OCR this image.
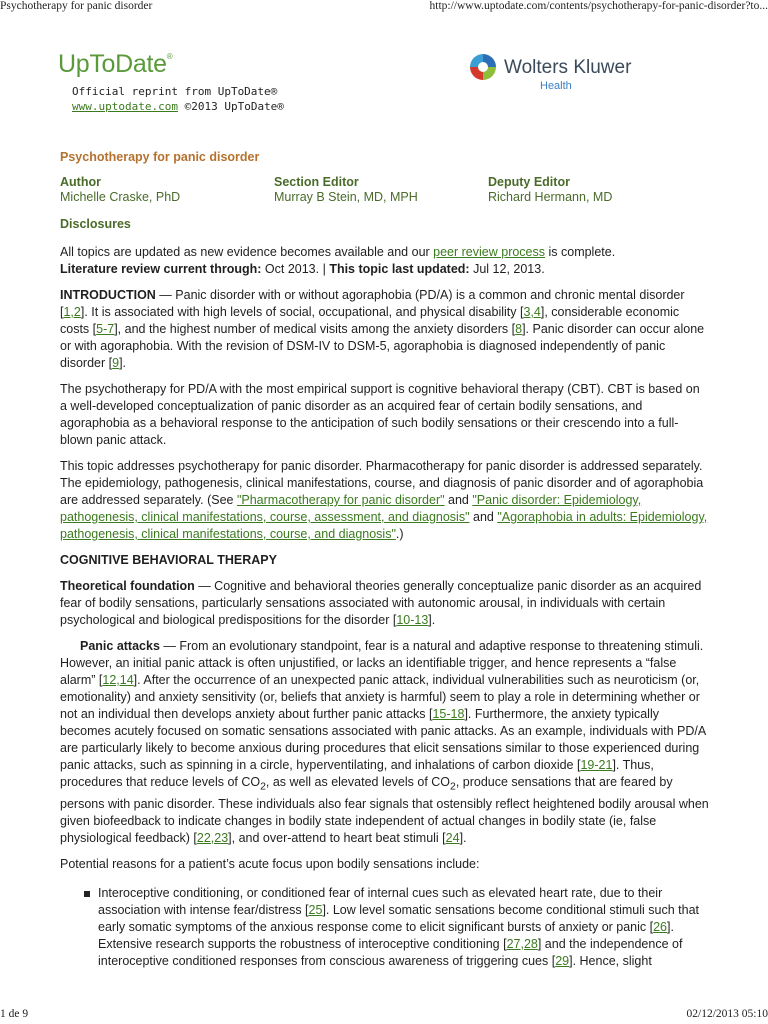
Psychotherapy for panic disorder	http://www.uptodate.com/contents/psychotherapy-for-panic-disorder?to...
UpToDate®
Official reprint from UpToDate®
www.uptodate.com ©2013 UpToDate®
Wolters Kluwer
Health
Psychotherapy for panic disorder
Author
Michelle Craske, PhD
Section Editor
Murray B Stein, MD, MPH
Deputy Editor
Richard Hermann, MD
Disclosures

All topics are updated as new evidence becomes available and our peer review process is complete.
Literature review current through: Oct 2013. | This topic last updated: Jul 12, 2013.

INTRODUCTION — Panic disorder with or without agoraphobia (PD/A) is a common and chronic mental disorder [1,2]. It is associated with high levels of social, occupational, and physical disability [3,4], considerable economic costs [5-7], and the highest number of medical visits among the anxiety disorders [8]. Panic disorder can occur alone or with agoraphobia. With the revision of DSM-IV to DSM-5, agoraphobia is diagnosed independently of panic disorder [9].

The psychotherapy for PD/A with the most empirical support is cognitive behavioral therapy (CBT). CBT is based on a well-developed conceptualization of panic disorder as an acquired fear of certain bodily sensations, and agoraphobia as a behavioral response to the anticipation of such bodily sensations or their crescendo into a full-blown panic attack.

This topic addresses psychotherapy for panic disorder. Pharmacotherapy for panic disorder is addressed separately. The epidemiology, pathogenesis, clinical manifestations, course, and diagnosis of panic disorder and of agoraphobia are addressed separately. (See "Pharmacotherapy for panic disorder" and "Panic disorder: Epidemiology, pathogenesis, clinical manifestations, course, assessment, and diagnosis" and "Agoraphobia in adults: Epidemiology, pathogenesis, clinical manifestations, course, and diagnosis".)

COGNITIVE BEHAVIORAL THERAPY

Theoretical foundation — Cognitive and behavioral theories generally conceptualize panic disorder as an acquired fear of bodily sensations, particularly sensations associated with autonomic arousal, in individuals with certain psychological and biological predispositions for the disorder [10-13].

Panic attacks — From an evolutionary standpoint, fear is a natural and adaptive response to threatening stimuli. However, an initial panic attack is often unjustified, or lacks an identifiable trigger, and hence represents a “false alarm” [12,14]. After the occurrence of an unexpected panic attack, individual vulnerabilities such as neuroticism (or, emotionality) and anxiety sensitivity (or, beliefs that anxiety is harmful) seem to play a role in determining whether or not an individual then develops anxiety about further panic attacks [15-18]. Furthermore, the anxiety typically becomes acutely focused on somatic sensations associated with panic attacks. As an example, individuals with PD/A are particularly likely to become anxious during procedures that elicit sensations similar to those experienced during panic attacks, such as spinning in a circle, hyperventilating, and inhalations of carbon dioxide [19-21]. Thus, procedures that reduce levels of $CO_2$, as well as elevated levels of $CO_2$, produce sensations that are feared by persons with panic disorder. These individuals also fear signals that ostensibly reflect heightened bodily arousal when given biofeedback to indicate changes in bodily state independent of actual changes in bodily state (ie, false physiological feedback) [22,23], and over-attend to heart beat stimuli [24].

Potential reasons for a patient’s acute focus upon bodily sensations include:

Interoceptive conditioning, or conditioned fear of internal cues such as elevated heart rate, due to their association with intense fear/distress [25]. Low level somatic sensations become conditional stimuli such that early somatic symptoms of the anxious response come to elicit significant bursts of anxiety or panic [26]. Extensive research supports the robustness of interoceptive conditioning [27,28] and the independence of interoceptive conditioned responses from conscious awareness of triggering cues [29]. Hence, slight
1 de 9	02/12/2013 05:10
